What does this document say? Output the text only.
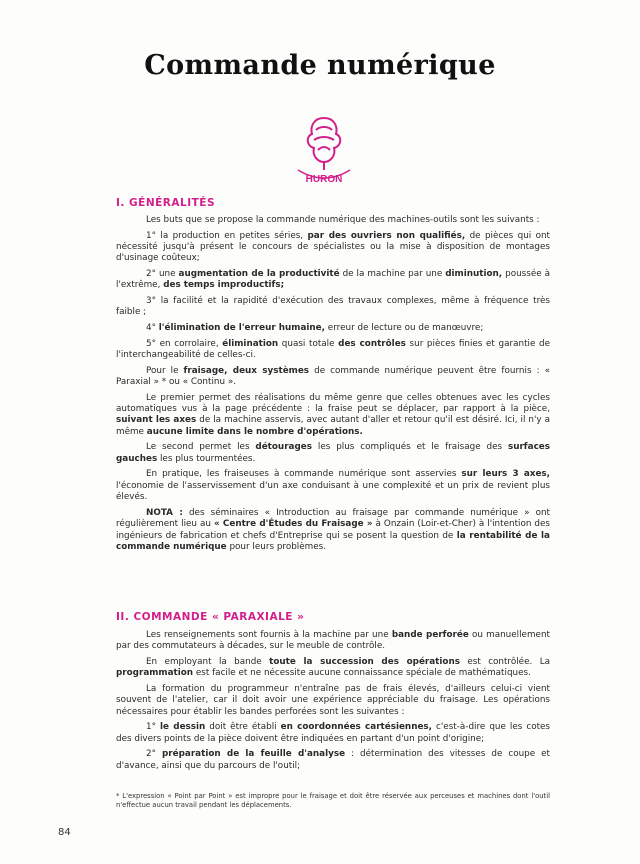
Commande numérique
HURON
I. GÉNÉRALITÉS

Les buts que se propose la commande numérique des machines-outils sont les suivants :

1° la production en petites séries, par des ouvriers non qualifiés, de pièces qui ont nécessité jusqu'à présent le concours de spécialistes ou la mise à disposition de montages d'usinage coûteux;

2° une augmentation de la productivité de la machine par une diminution, poussée à l'extrême, des temps improductifs;

3° la facilité et la rapidité d'exécution des travaux complexes, même à fréquence très faible ;

4° l'élimination de l'erreur humaine, erreur de lecture ou de manœuvre;

5° en corrolaire, élimination quasi totale des contrôles sur pièces finies et garantie de l'interchangeabilité de celles-ci.

Pour le fraisage, deux systèmes de commande numérique peuvent être fournis : « Paraxial » * ou « Continu ».

Le premier permet des réalisations du même genre que celles obtenues avec les cycles automatiques vus à la page précédente : la fraise peut se déplacer, par rapport à la pièce, suivant les axes de la machine asservis, avec autant d'aller et retour qu'il est désiré. Ici, il n'y a même aucune limite dans le nombre d'opérations.

Le second permet les détourages les plus compliqués et le fraisage des surfaces gauches les plus tourmentées.

En pratique, les fraiseuses à commande numérique sont asservies sur leurs 3 axes, l'économie de l'asservissement d'un axe conduisant à une complexité et un prix de revient plus élevés.

NOTA : des séminaires « Introduction au fraisage par commande numérique » ont régulièrement lieu au « Centre d'Études du Fraisage » à Onzain (Loir-et-Cher) à l'intention des ingénieurs de fabrication et chefs d'Entreprise qui se posent la question de la rentabilité de la commande numérique pour leurs problèmes.

II. COMMANDE « PARAXIALE »

Les renseignements sont fournis à la machine par une bande perforée ou manuellement par des commutateurs à décades, sur le meuble de contrôle.

En employant la bande toute la succession des opérations est contrôlée. La programmation est facile et ne nécessite aucune connaissance spéciale de mathématiques.

La formation du programmeur n'entraîne pas de frais élevés, d'ailleurs celui-ci vient souvent de l'atelier, car il doit avoir une expérience appréciable du fraisage. Les opérations nécessaires pour établir les bandes perforées sont les suivantes :

1° le dessin doit être établi en coordonnées cartésiennes, c'est-à-dire que les cotes des divers points de la pièce doivent être indiquées en partant d'un point d'origine;

2° préparation de la feuille d'analyse : détermination des vitesses de coupe et d'avance, ainsi que du parcours de l'outil;

* L'expression « Point par Point » est impropre pour le fraisage et doit être réservée aux perceuses et machines dont l'outil n'effectue aucun travail pendant les déplacements.
84
